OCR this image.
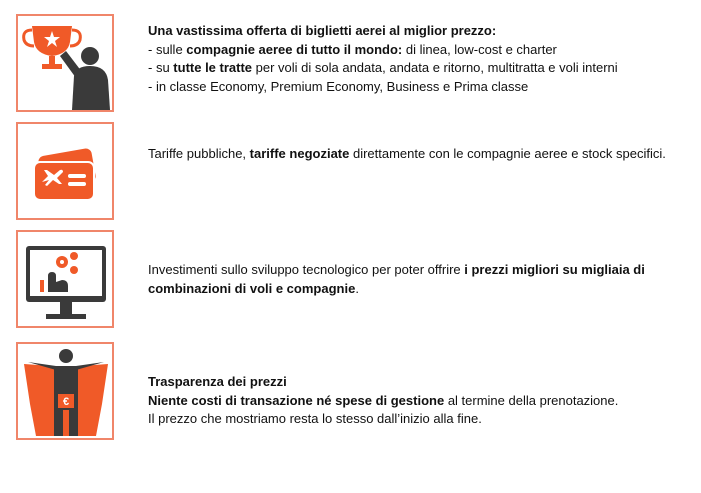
Una vastissima offerta di biglietti aerei al miglior prezzo:

- sulle compagnie aeree di tutto il mondo: di linea, low-cost e charter

- su tutte le tratte per voli di sola andata, andata e ritorno, multitratta e voli interni

- in classe Economy, Premium Economy, Business e Prima classe

Tariffe pubbliche, tariffe negoziate direttamente con le compagnie aeree e stock specifici.

Investimenti sullo sviluppo tecnologico per poter offrire i prezzi migliori su migliaia di combinazioni di voli e compagnie.

€

Trasparenza dei prezzi

Niente costi di transazione né spese di gestione al termine della prenotazione.

Il prezzo che mostriamo resta lo stesso dall’inizio alla fine.
